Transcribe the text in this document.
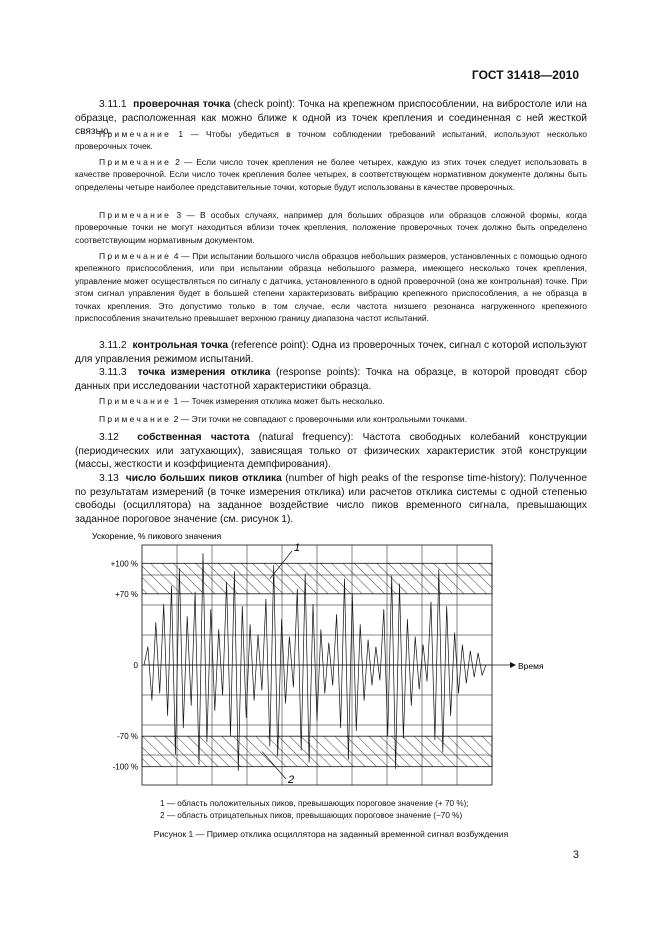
ГОСТ 31418—2010

3.11.1 проверочная точка (check point): Точка на крепежном приспособлении, на вибростоле или на образце, расположенная как можно ближе к одной из точек крепления и соединенная с ней жесткой связью.

Примечание 1 — Чтобы убедиться в точном соблюдении требований испытаний, используют несколько проверочных точек.

Примечание 2 — Если число точек крепления не более четырех, каждую из этих точек следует использовать в качестве проверочной. Если число точек крепления более четырех, в соответствующем нормативном документе должны быть определены четыре наиболее представительные точки, которые будут использованы в качестве проверочных.

Примечание 3 — В особых случаях, например для больших образцов или образцов сложной формы, когда проверочные точки не могут находиться вблизи точек крепления, положение проверочных точек должно быть определено соответствующим нормативным документом.

Примечание 4 — При испытании большого числа образцов небольших размеров, установленных с помощью одного крепежного приспособления, или при испытании образца небольшого размера, имеющего несколько точек крепления, управление может осуществляться по сигналу с датчика, установленного в одной проверочной (она же контрольная) точке. При этом сигнал управления будет в большей степени характеризовать вибрацию крепежного приспособления, а не образца в точках крепления. Это допустимо только в том случае, если частота низшего резонанса нагруженного крепежного приспособления значительно превышает верхнюю границу диапазона частот испытаний.

3.11.2 контрольная точка (reference point): Одна из проверочных точек, сигнал с которой используют для управления режимом испытаний.

3.11.3 точка измерения отклика (response points): Точка на образце, в которой проводят сбор данных при исследовании частотной характеристики образца.

Примечание 1 — Точек измерения отклика может быть несколько.

Примечание 2 — Эти точки не совпадают с проверочными или контрольными точками.

3.12 собственная частота (natural frequency): Частота свободных колебаний конструкции (периодических или затухающих), зависящая только от физических характеристик этой конструкции (массы, жесткости и коэффициента демпфирования).

3.13 число больших пиков отклика (number of high peaks of the response time-history): Полученное по результатам измерений (в точке измерения отклика) или расчетов отклика системы с одной степенью свободы (осциллятора) на заданное воздействие число пиков временного сигнала, превышающих заданное пороговое значение (см. рисунок 1).

Ускорение, % пикового значения
+100 %
+70 %
0
-70 %
-100 %
Время
1
2

1 — область положительных пиков, превышающих пороговое значение (+ 70 %);

2 — область отрицательных пиков, превышающих пороговое значение (−70 %)

Рисунок 1 — Пример отклика осциллятора на заданный временной сигнал возбуждения

3
